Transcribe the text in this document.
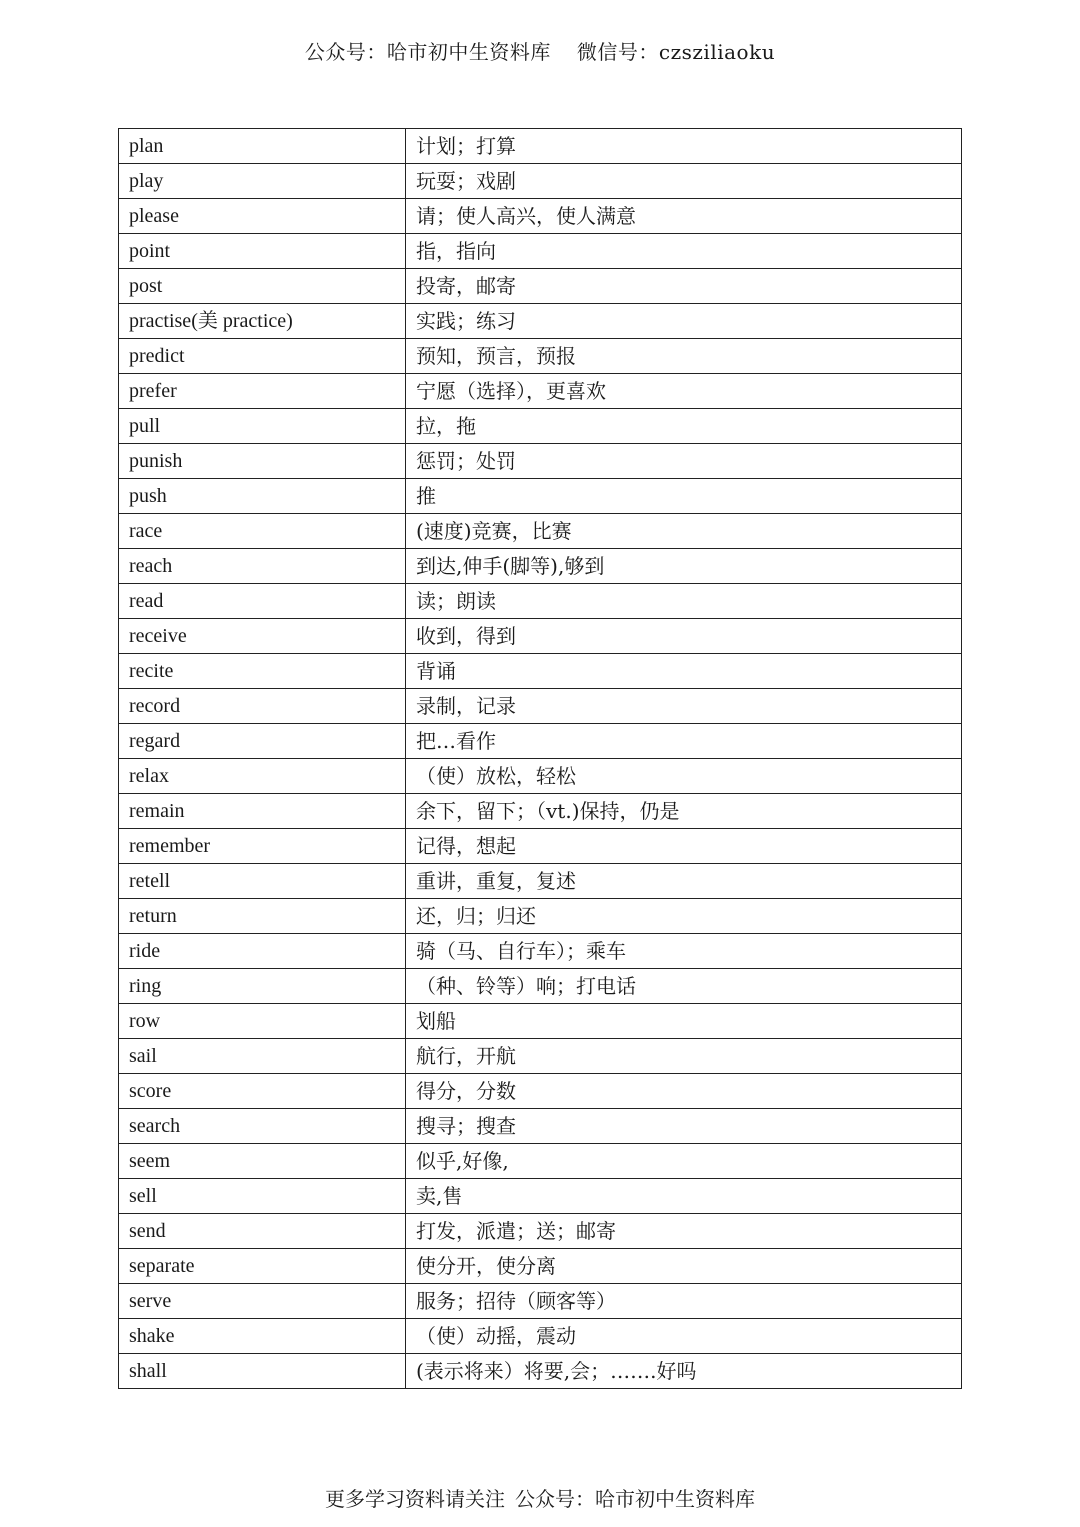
公众号：哈市初中生资料库 微信号：czsziliaoku
plan	计划；打算
play	玩耍；戏剧
please	请；使人高兴，使人满意
point	指，指向
post	投寄，邮寄
practise(美 practice)	实践；练习
predict	预知，预言，预报
prefer	宁愿（选择），更喜欢
pull	拉，拖
punish	惩罚；处罚
push	推
race	(速度)竞赛，比赛
reach	到达,伸手(脚等),够到
read	读；朗读
receive	收到，得到
recite	背诵
record	录制，记录
regard	把…看作
relax	（使）放松，轻松
remain	余下，留下；（vt.)保持，仍是
remember	记得，想起
retell	重讲，重复，复述
return	还，归；归还
ride	骑（马、自行车）；乘车
ring	（种、铃等）响；打电话
row	划船
sail	航行，开航
score	得分，分数
search	搜寻；搜查
seem	似乎,好像,
sell	卖,售
send	打发，派遣；送；邮寄
separate	使分开，使分离
serve	服务；招待（顾客等）
shake	（使）动摇，震动
shall	(表示将来）将要,会；…….好吗
更多学习资料请关注 公众号：哈市初中生资料库
